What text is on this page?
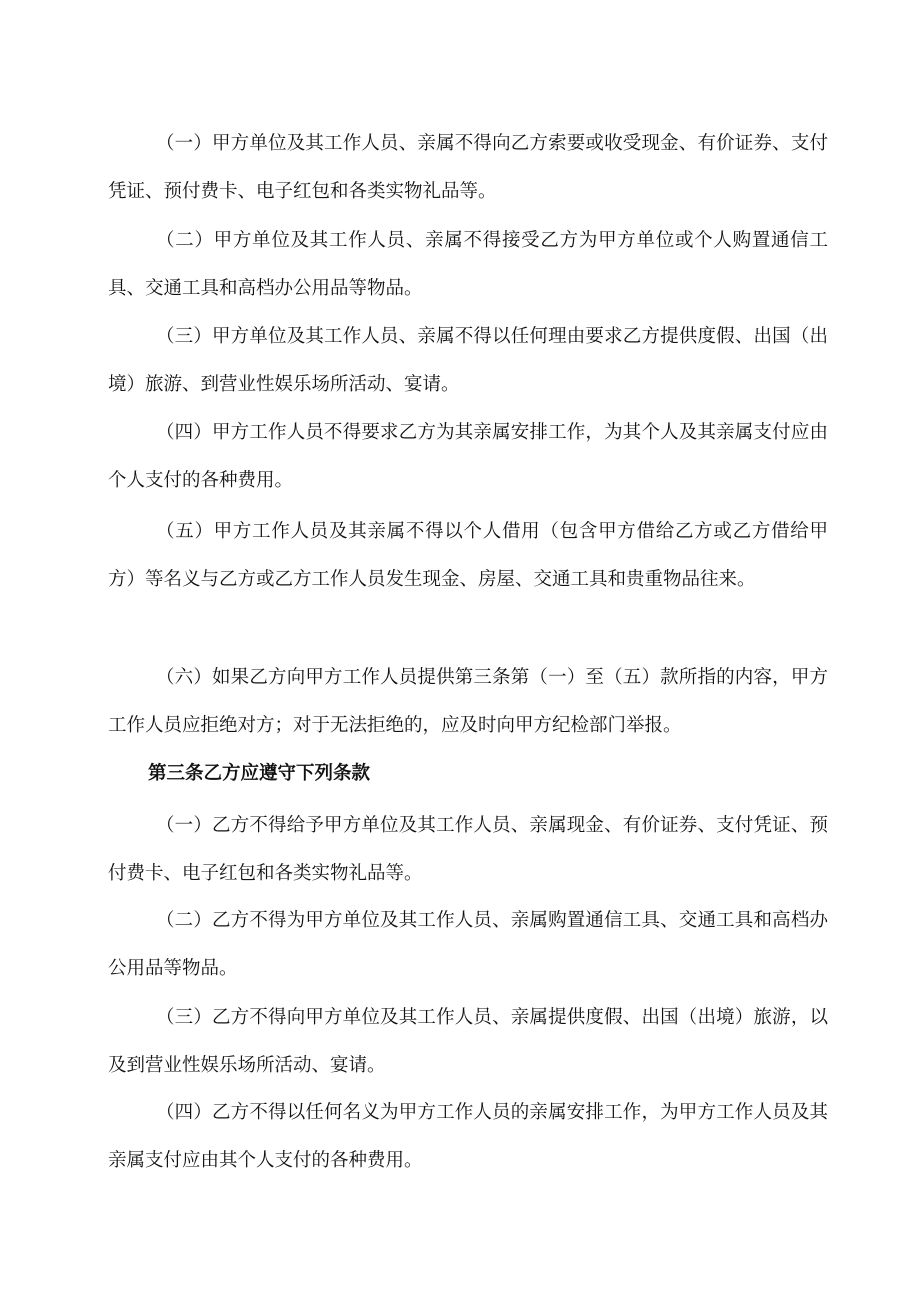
（一）甲方单位及其工作人员、亲属不得向乙方索要或收受现金、有价证券、支付凭证、预付费卡、电子红包和各类实物礼品等。

（二）甲方单位及其工作人员、亲属不得接受乙方为甲方单位或个人购置通信工具、交通工具和高档办公用品等物品。

（三）甲方单位及其工作人员、亲属不得以任何理由要求乙方提供度假、出国（出境）旅游、到营业性娱乐场所活动、宴请。

（四）甲方工作人员不得要求乙方为其亲属安排工作，为其个人及其亲属支付应由个人支付的各种费用。

（五）甲方工作人员及其亲属不得以个人借用（包含甲方借给乙方或乙方借给甲方）等名义与乙方或乙方工作人员发生现金、房屋、交通工具和贵重物品往来。

（六）如果乙方向甲方工作人员提供第三条第（一）至（五）款所指的内容，甲方工作人员应拒绝对方；对于无法拒绝的，应及时向甲方纪检部门举报。

第三条乙方应遵守下列条款

（一）乙方不得给予甲方单位及其工作人员、亲属现金、有价证券、支付凭证、预付费卡、电子红包和各类实物礼品等。

（二）乙方不得为甲方单位及其工作人员、亲属购置通信工具、交通工具和高档办公用品等物品。

（三）乙方不得向甲方单位及其工作人员、亲属提供度假、出国（出境）旅游，以及到营业性娱乐场所活动、宴请。

（四）乙方不得以任何名义为甲方工作人员的亲属安排工作，为甲方工作人员及其亲属支付应由其个人支付的各种费用。
